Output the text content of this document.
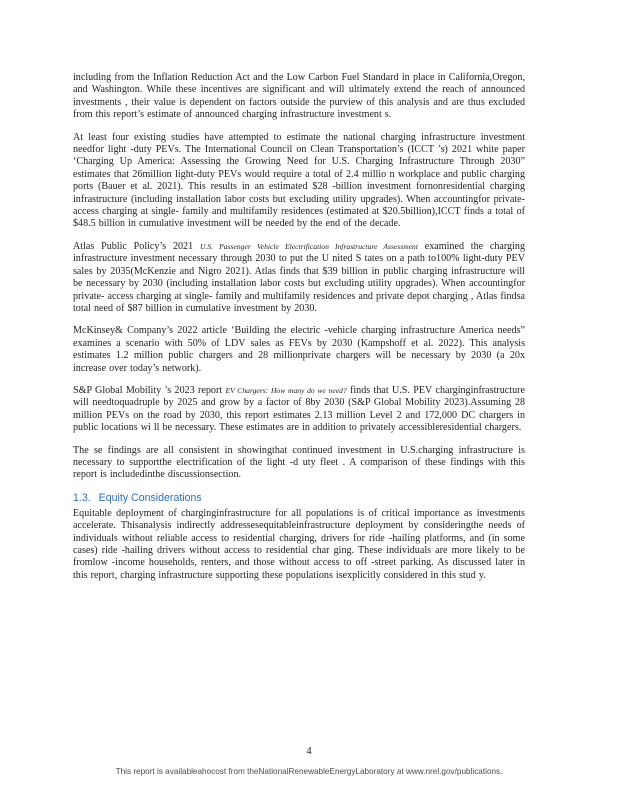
including from the Inflation Reduction Act and the Low Carbon Fuel Standard in place in California,Oregon, and Washington. While these incentives are significant and will ultimately extend the reach of announced investments , their value is dependent on factors outside the purview of this analysis and are thus excluded from this report’s estimate of announced charging infrastructure investment s.

At least four existing studies have attempted to estimate the national charging infrastructure investment needfor light -duty PEVs. The International Council on Clean Transportation’s (ICCT ’s) 2021 white paper ‘Charging Up America: Assessing the Growing Need for U.S. Charging Infrastructure Through 2030” estimates that 26million light-duty PEVs would require a total of 2.4 millio n workplace and public charging ports (Bauer et al. 2021). This results in an estimated $28 -billion investment fornonresidential charging infrastructure (including installation labor costs but excluding utility upgrades). When accountingfor private- access charging at single- family and multifamily residences (estimated at $20.5billion),ICCT finds a total of $48.5 billion in cumulative investment will be needed by the end of the decade.

Atlas Public Policy’s 2021 U.S. Passenger Vehicle Electrification Infrastructure Assessment examined the charging infrastructure investment necessary through 2030 to put the U nited S tates on a path to100% light-duty PEV sales by 2035(McKenzie and Nigro 2021). Atlas finds that $39 billion in public charging infrastructure will be necessary by 2030 (including installation labor costs but excluding utility upgrades). When accountingfor private- access charging at single- family and multifamily residences and private depot charging , Atlas findsa total need of $87 billion in cumulative investment by 2030.

McKinsey& Company’s 2022 article ‘Building the electric -vehicle charging infrastructure America needs” examines a scenario with 50% of LDV sales as FEVs by 2030 (Kampshoff et al. 2022). This analysis estimates 1.2 million public chargers and 28 millionprivate chargers will be necessary by 2030 (a 20x increase over today’s network).

S&P Global Mobility ’s 2023 report EV Chargers: How many do we need? finds that U.S. PEV charginginfrastructure will needtoquadruple by 2025 and grow by a factor of 8by 2030 (S&P Global Mobility 2023).Assuming 28 million PEVs on the road by 2030, this report estimates 2.13 million Level 2 and 172,000 DC chargers in public locations wi ll be necessary. These estimates are in addition to privately accessibleresidential chargers.

The se findings are all consistent in showingthat continued investment in U.S.charging infrastructure is necessary to supportthe electrification of the light -d uty fleet . A comparison of these findings with this report is includedinthe discussionsection.

1.3. Equity Considerations

Equitable deployment of charginginfrastructure for all populations is of critical importance as investments accelerate. Thisanalysis indirectly addressesequitableinfrastructure deployment by consideringthe needs of individuals without reliable access to residential charging, drivers for ride -hailing platforms, and (in some cases) ride -hailing drivers without access to residential char ging. These individuals are more likely to be fromlow -income households, renters, and those without access to off -street parking. As discussed later in this report, charging infrastructure supporting these populations isexplicitly considered in this stud y.

4
This report is availableahocost from theNationalRenewableEnergyLaboratory at www.nrel.gov/publications.
